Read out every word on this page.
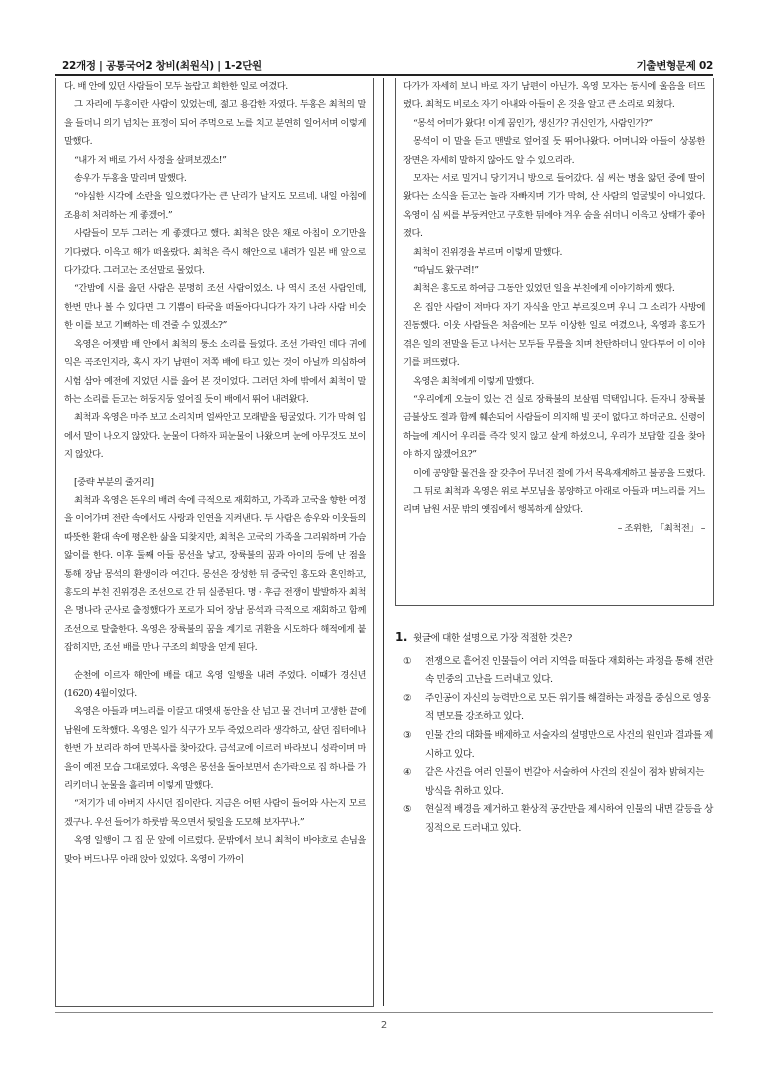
22개정 | 공통국어2 창비(최원식) | 1-2단원	기출변형문제 02

다. 배 안에 있던 사람들이 모두 놀랍고 희한한 일로 여겼다.

그 자리에 두홍이란 사람이 있었는데, 젊고 용감한 자였다. 두홍은 최척의 말을 들더니 의기 넘치는 표정이 되어 주먹으로 노를 치고 분연히 일어서며 이렇게 말했다.

“내가 저 배로 가서 사정을 살펴보겠소!”

송우가 두홍을 말리며 말했다.

“야심한 시각에 소란을 일으켰다가는 큰 난리가 날지도 모르네. 내일 아침에 조용히 처리하는 게 좋겠어.”

사람들이 모두 그러는 게 좋겠다고 했다. 최척은 앉은 채로 아침이 오기만을 기다렸다. 이윽고 해가 떠올랐다. 최척은 즉시 해안으로 내려가 일본 배 앞으로 다가갔다. 그러고는 조선말로 물었다.

“간밤에 시를 읊던 사람은 분명히 조선 사람이었소. 나 역시 조선 사람인데, 한번 만나 볼 수 있다면 그 기쁨이 타국을 떠돌아다니다가 자기 나라 사람 비슷한 이를 보고 기뻐하는 데 견줄 수 있겠소?”

옥영은 어젯밤 배 안에서 최척의 퉁소 소리를 들었다. 조선 가락인 데다 귀에 익은 곡조인지라, 혹시 자기 남편이 저쪽 배에 타고 있는 것이 아닐까 의심하여 시험 삼아 예전에 지었던 시를 읊어 본 것이었다. 그러던 차에 밖에서 최척이 말하는 소리를 듣고는 허둥지둥 엎어질 듯이 배에서 뛰어 내려왔다.

최척과 옥영은 마주 보고 소리치며 얼싸안고 모래밭을 뒹굴었다. 기가 막혀 입에서 말이 나오지 않았다. 눈물이 다하자 피눈물이 나왔으며 눈에 아무것도 보이지 않았다.

[중략 부분의 줄거리]

최척과 옥영은 돈우의 배려 속에 극적으로 재회하고, 가족과 고국을 향한 여정을 이어가며 전란 속에서도 사랑과 인연을 지켜낸다. 두 사람은 송우와 이웃들의 따뜻한 환대 속에 평온한 삶을 되찾지만, 최척은 고국의 가족을 그리워하며 가슴앓이를 한다. 이후 둘째 아들 몽선을 낳고, 장륙불의 꿈과 아이의 등에 난 점을 통해 장남 몽석의 환생이라 여긴다. 몽선은 장성한 뒤 중국인 홍도와 혼인하고, 홍도의 부친 진위경은 조선으로 간 뒤 실종된다. 명 · 후금 전쟁이 발발하자 최척은 명나라 군사로 출정했다가 포로가 되어 장남 몽석과 극적으로 재회하고 함께 조선으로 탈출한다. 옥영은 장륙불의 꿈을 계기로 귀환을 시도하다 해적에게 붙잡히지만, 조선 배를 만나 구조의 희망을 얻게 된다.

순천에 이르자 해안에 배를 대고 옥영 일행을 내려 주었다. 이때가 경신년(1620) 4월이었다.

옥영은 아들과 며느리를 이끌고 대엿새 동안을 산 넘고 물 건너며 고생한 끝에 남원에 도착했다. 옥영은 일가 식구가 모두 죽었으리라 생각하고, 살던 집터에나 한번 가 보리라 하여 만복사를 찾아갔다. 금석교에 이르러 바라보니 성곽이며 마을이 예전 모습 그대로였다. 옥영은 몽선을 돌아보면서 손가락으로 집 하나를 가리키더니 눈물을 흘리며 이렇게 말했다.

“저기가 네 아버지 사시던 집이란다. 지금은 어떤 사람이 들어와 사는지 모르겠구나. 우선 들어가 하룻밤 묵으면서 뒷일을 도모해 보자꾸나.”

옥영 일행이 그 집 문 앞에 이르렀다. 문밖에서 보니 최척이 바야흐로 손님을 맞아 버드나무 아래 앉아 있었다. 옥영이 가까이

다가가 자세히 보니 바로 자기 남편이 아닌가. 옥영 모자는 동시에 울음을 터뜨렸다. 최척도 비로소 자기 아내와 아들이 온 것을 알고 큰 소리로 외쳤다.

“몽석 어미가 왔다! 이게 꿈인가, 생신가? 귀신인가, 사람인가?”

몽석이 이 말을 듣고 맨발로 엎어질 듯 뛰어나왔다. 어머니와 아들이 상봉한 장면은 자세히 말하지 않아도 알 수 있으리라.

모자는 서로 밀거니 당기거니 방으로 들어갔다. 심 씨는 병을 앓던 중에 딸이 왔다는 소식을 듣고는 놀라 자빠지며 기가 막혀, 산 사람의 얼굴빛이 아니었다. 옥영이 심 씨를 부둥켜안고 구호한 뒤에야 겨우 숨을 쉬더니 이윽고 상태가 좋아졌다.

최척이 진위경을 부르며 이렇게 말했다.

“따님도 왔구려!”

최척은 홍도로 하여금 그동안 있었던 일을 부친에게 이야기하게 했다.

온 집안 사람이 저마다 자기 자식을 안고 부르짖으며 우니 그 소리가 사방에 진동했다. 이웃 사람들은 처음에는 모두 이상한 일로 여겼으나, 옥영과 홍도가 겪은 일의 전말을 듣고 나서는 모두들 무릎을 치며 찬탄하더니 앞다투어 이 이야기를 퍼뜨렸다.

옥영은 최척에게 이렇게 말했다.

“우리에게 오늘이 있는 건 실로 장륙불의 보살핌 덕택입니다. 듣자니 장륙불 금불상도 절과 함께 훼손되어 사람들이 의지해 빌 곳이 없다고 하더군요. 신령이 하늘에 계시어 우리를 즉각 잊지 않고 살게 하셨으니, 우리가 보답할 길을 찾아야 하지 않겠어요?”

이에 공양할 물건을 잘 갖추어 무너진 절에 가서 목욕재계하고 불공을 드렸다.

그 뒤로 최척과 옥영은 위로 부모님을 봉양하고 아래로 아들과 며느리를 거느리며 남원 서문 밖의 옛집에서 행복하게 살았다.

– 조위한, 「최척전」 –

1. 윗글에 대한 설명으로 가장 적절한 것은?

①	전쟁으로 흩어진 인물들이 여러 지역을 떠돌다 재회하는 과정을 통해 전란 속 민중의 고난을 드러내고 있다.
②	주인공이 자신의 능력만으로 모든 위기를 해결하는 과정을 중심으로 영웅적 면모를 강조하고 있다.
③	인물 간의 대화를 배제하고 서술자의 설명만으로 사건의 원인과 결과를 제시하고 있다.
④	같은 사건을 여러 인물이 번갈아 서술하여 사건의 진실이 점차 밝혀지는 방식을 취하고 있다.
⑤	현실적 배경을 제거하고 환상적 공간만을 제시하여 인물의 내면 갈등을 상징적으로 드러내고 있다.
2
